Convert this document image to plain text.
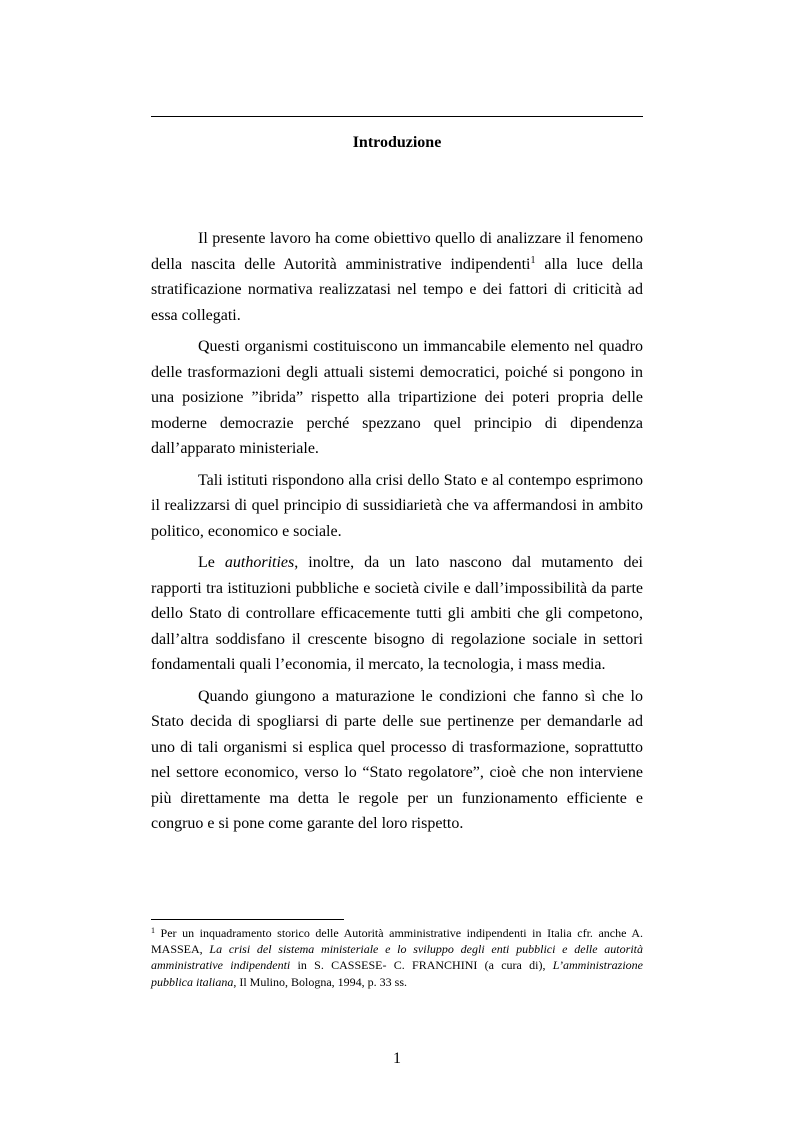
Introduzione

Il presente lavoro ha come obiettivo quello di analizzare il fenomeno della nascita delle Autorità amministrative indipendenti$^1$ alla luce della stratificazione normativa realizzatasi nel tempo e dei fattori di criticità ad essa collegati.

Questi organismi costituiscono un immancabile elemento nel quadro delle trasformazioni degli attuali sistemi democratici, poiché si pongono in una posizione ”ibrida” rispetto alla tripartizione dei poteri propria delle moderne democrazie perché spezzano quel principio di dipendenza dall’apparato ministeriale.

Tali istituti rispondono alla crisi dello Stato e al contempo esprimono il realizzarsi di quel principio di sussidiarietà che va affermandosi in ambito politico, economico e sociale.

Le authorities, inoltre, da un lato nascono dal mutamento dei rapporti tra istituzioni pubbliche e società civile e dall’impossibilità da parte dello Stato di controllare efficacemente tutti gli ambiti che gli competono, dall’altra soddisfano il crescente bisogno di regolazione sociale in settori fondamentali quali l’economia, il mercato, la tecnologia, i mass media.

Quando giungono a maturazione le condizioni che fanno sì che lo Stato decida di spogliarsi di parte delle sue pertinenze per demandarle ad uno di tali organismi si esplica quel processo di trasformazione, soprattutto nel settore economico, verso lo “Stato regolatore”, cioè che non interviene più direttamente ma detta le regole per un funzionamento efficiente e congruo e si pone come garante del loro rispetto.

$^1$ Per un inquadramento storico delle Autorità amministrative indipendenti in Italia cfr. anche A. MASSEA, La crisi del sistema ministeriale e lo sviluppo degli enti pubblici e delle autorità amministrative indipendenti in S. CASSESE- C. FRANCHINI (a cura di), L’amministrazione pubblica italiana, Il Mulino, Bologna, 1994, p. 33 ss.
1
